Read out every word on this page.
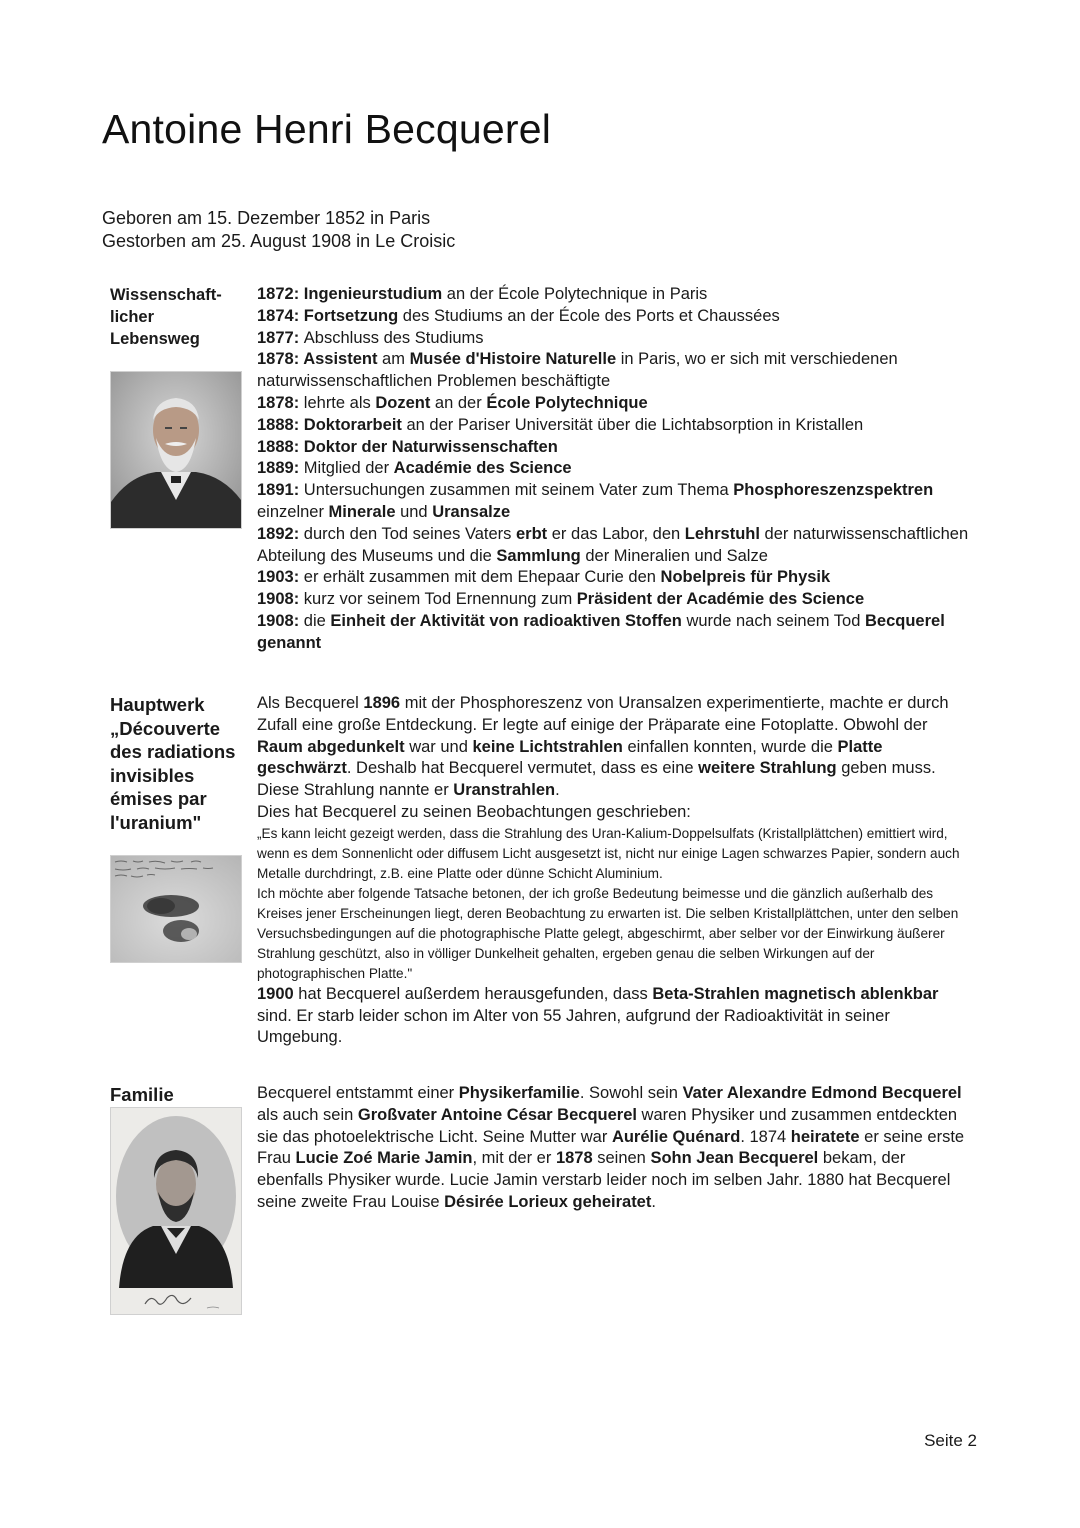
Antoine Henri Becquerel
Geboren am 15. Dezember 1852 in Paris
Gestorben am 25. August 1908 in Le Croisic
Wissenschaft-
licher
Lebensweg

1872: Ingenieurstudium an der École Polytechnique in Paris

1874: Fortsetzung des Studiums an der École des Ports et Chaussées

1877: Abschluss des Studiums

1878: Assistent am Musée d'Histoire Naturelle in Paris, wo er sich mit verschiedenen naturwissenschaftlichen Problemen beschäftigte

1878: lehrte als Dozent an der École Polytechnique

1888: Doktorarbeit an der Pariser Universität über die Lichtabsorption in Kristallen

1888: Doktor der Naturwissenschaften

1889: Mitglied der Académie des Science

1891: Untersuchungen zusammen mit seinem Vater zum Thema Phosphoreszenzspektren einzelner Minerale und Uransalze

1892: durch den Tod seines Vaters erbt er das Labor, den Lehrstuhl der naturwissenschaftlichen Abteilung des Museums und die Sammlung der Mineralien und Salze

1903: er erhält zusammen mit dem Ehepaar Curie den Nobelpreis für Physik

1908: kurz vor seinem Tod Ernennung zum Präsident der Académie des Science

1908: die Einheit der Aktivität von radioaktiven Stoffen wurde nach seinem Tod Becquerel genannt

Hauptwerk
„Découverte
des radiations
invisibles
émises par
l'uranium"

Als Becquerel 1896 mit der Phosphoreszenz von Uransalzen experimentierte, machte er durch Zufall eine große Entdeckung. Er legte auf einige der Präparate eine Fotoplatte. Obwohl der Raum abgedunkelt war und keine Lichtstrahlen einfallen konnten, wurde die Platte geschwärzt. Deshalb hat Becquerel vermutet, dass es eine weitere Strahlung geben muss. Diese Strahlung nannte er Uranstrahlen.

Dies hat Becquerel zu seinen Beobachtungen geschrieben:

„Es kann leicht gezeigt werden, dass die Strahlung des Uran-Kalium-Doppelsulfats (Kristallplättchen) emittiert wird, wenn es dem Sonnenlicht oder diffusem Licht ausgesetzt ist, nicht nur einige Lagen schwarzes Papier, sondern auch Metalle durchdringt, z.B. eine Platte oder dünne Schicht Aluminium.

Ich möchte aber folgende Tatsache betonen, der ich große Bedeutung beimesse und die gänzlich außerhalb des Kreises jener Erscheinungen liegt, deren Beobachtung zu erwarten ist. Die selben Kristallplättchen, unter den selben Versuchsbedingungen auf die photographische Platte gelegt, abgeschirmt, aber selber vor der Einwirkung äußerer Strahlung geschützt, also in völliger Dunkelheit gehalten, ergeben genau die selben Wirkungen auf der photographischen Platte."

1900 hat Becquerel außerdem herausgefunden, dass Beta-Strahlen magnetisch ablenkbar sind. Er starb leider schon im Alter von 55 Jahren, aufgrund der Radioaktivität in seiner Umgebung.

Familie	Becquerel entstammt einer Physikerfamilie. Sowohl sein Vater Alexandre Edmond Becquerel als auch sein Großvater Antoine César Becquerel waren Physiker und zusammen entdeckten sie das photoelektrische Licht. Seine Mutter war Aurélie Quénard. 1874 heiratete er seine erste Frau Lucie Zoé Marie Jamin, mit der er 1878 seinen Sohn Jean Becquerel bekam, der ebenfalls Physiker wurde. Lucie Jamin verstarb leider noch im selben Jahr. 1880 hat Becquerel seine zweite Frau Louise Désirée Lorieux geheiratet.

Seite 2
